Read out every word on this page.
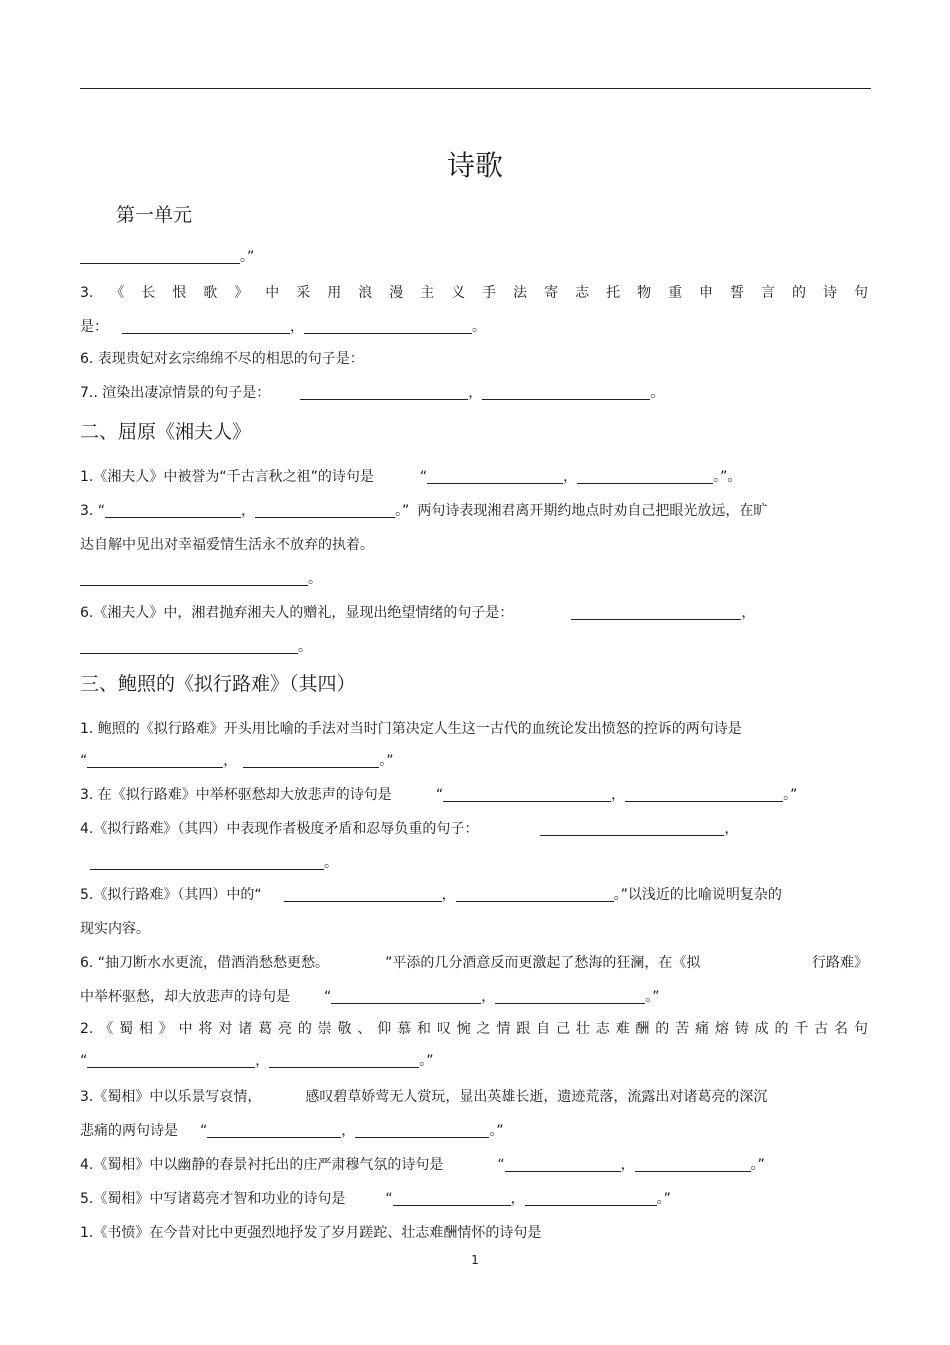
诗歌
第一单元
。”
3. 《 长 恨 歌 》 中 采 用 浪 漫 主 义 手 法 寄 志 托 物 重 申 誓 言 的 诗 句
是：	，	。
6. 表现贵妃对玄宗绵绵不尽的相思的句子是：
7.. 渲染出凄凉情景的句子是：	，	。
二、屈原《湘夫人》
1.《湘夫人》中被誉为“千古言秋之祖”的诗句是	“	，	。”。
3. “	，	。” 两句诗表现湘君离开期约地点时劝自己把眼光放远，在旷
达自解中见出对幸福爱情生活永不放弃的执着。
。
6.《湘夫人》中，湘君抛弃湘夫人的赠礼，显现出绝望情绪的句子是：	，
。
三、鲍照的《拟行路难》（其四）
1. 鲍照的《拟行路难》开头用比喻的手法对当时门第决定人生这一古代的血统论发出愤怒的控诉的两句诗是
“	，	。”
3. 在《拟行路难》中举杯驱愁却大放悲声的诗句是	“	，	。”
4.《拟行路难》（其四）中表现作者极度矛盾和忍辱负重的句子：	，
。
5.《拟行路难》（其四）中的“	，	。”以浅近的比喻说明复杂的
现实内容。
6. “抽刀断水水更流，借酒消愁愁更愁。	”平添的几分酒意反而更激起了愁海的狂澜，在《拟	行路难》
中举杯驱愁，却大放悲声的诗句是 “	，	。”
2. 《 蜀 相 》 中 将 对 诸 葛 亮 的 崇 敬 、 仰 慕 和 叹 惋 之 情 跟 自 己 壮 志 难 酬 的 苦 痛 熔 铸 成 的 千 古 名 句
“	，	。”
3.《蜀相》中以乐景写哀情，	感叹碧草娇莺无人赏玩，显出英雄长逝，遗迹荒落，流露出对诸葛亮的深沉
悲痛的两句诗是 “	，	。”
4.《蜀相》中以幽静的春景衬托出的庄严肃穆气氛的诗句是	“	，	。”
5.《蜀相》中写诸葛亮才智和功业的诗句是	“	，	。”
1.《书愤》在今昔对比中更强烈地抒发了岁月蹉跎、壮志难酬情怀的诗句是
1
